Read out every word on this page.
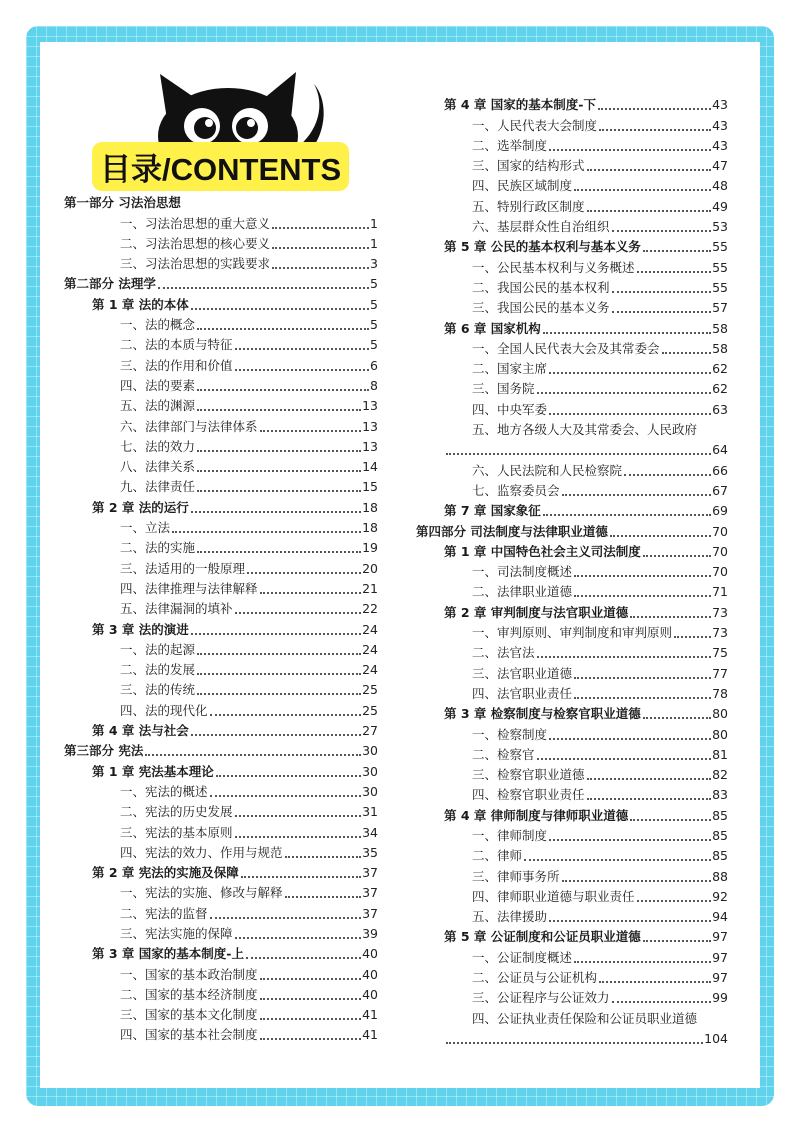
目录/CONTENTS
第一部分 习法治思想
一、习法治思想的重大意义	1
二、习法治思想的核心要义	1
三、习法治思想的实践要求	3
第二部分 法理学	5
第 1 章 法的本体	5
一、法的概念	5
二、法的本质与特征	5
三、法的作用和价值	6
四、法的要素	8
五、法的渊源	13
六、法律部门与法律体系	13
七、法的效力	13
八、法律关系	14
九、法律责任	15
第 2 章 法的运行	18
一、立法	18
二、法的实施	19
三、法适用的一般原理	20
四、法律推理与法律解释	21
五、法律漏洞的填补	22
第 3 章 法的演进	24
一、法的起源	24
二、法的发展	24
三、法的传统	25
四、法的现代化	25
第 4 章 法与社会	27
第三部分 宪法	30
第 1 章 宪法基本理论	30
一、宪法的概述	30
二、宪法的历史发展	31
三、宪法的基本原则	34
四、宪法的效力、作用与规范	35
第 2 章 宪法的实施及保障	37
一、宪法的实施、修改与解释	37
二、宪法的监督	37
三、宪法实施的保障	39
第 3 章 国家的基本制度-上	40
一、国家的基本政治制度	40
二、国家的基本经济制度	40
三、国家的基本文化制度	41
四、国家的基本社会制度	41
第 4 章 国家的基本制度-下	43
一、人民代表大会制度	43
二、选举制度	43
三、国家的结构形式	47
四、民族区域制度	48
五、特别行政区制度	49
六、基层群众性自治组织	53
第 5 章 公民的基本权利与基本义务	55
一、公民基本权利与义务概述	55
二、我国公民的基本权利	55
三、我国公民的基本义务	57
第 6 章 国家机构	58
一、全国人民代表大会及其常委会	58
二、国家主席	62
三、国务院	62
四、中央军委	63
五、地方各级人大及其常委会、人民政府
64
六、人民法院和人民检察院	66
七、监察委员会	67
第 7 章 国家象征	69
第四部分 司法制度与法律职业道德	70
第 1 章 中国特色社会主义司法制度	70
一、司法制度概述	70
二、法律职业道德	71
第 2 章 审判制度与法官职业道德	73
一、审判原则、审判制度和审判原则	73
二、法官法	75
三、法官职业道德	77
四、法官职业责任	78
第 3 章 检察制度与检察官职业道德	80
一、检察制度	80
二、检察官	81
三、检察官职业道德	82
四、检察官职业责任	83
第 4 章 律师制度与律师职业道德	85
一、律师制度	85
二、律师	85
三、律师事务所	88
四、律师职业道德与职业责任	92
五、法律援助	94
第 5 章 公证制度和公证员职业道德	97
一、公证制度概述	97
二、公证员与公证机构	97
三、公证程序与公证效力	99
四、公证执业责任保险和公证员职业道德
104
